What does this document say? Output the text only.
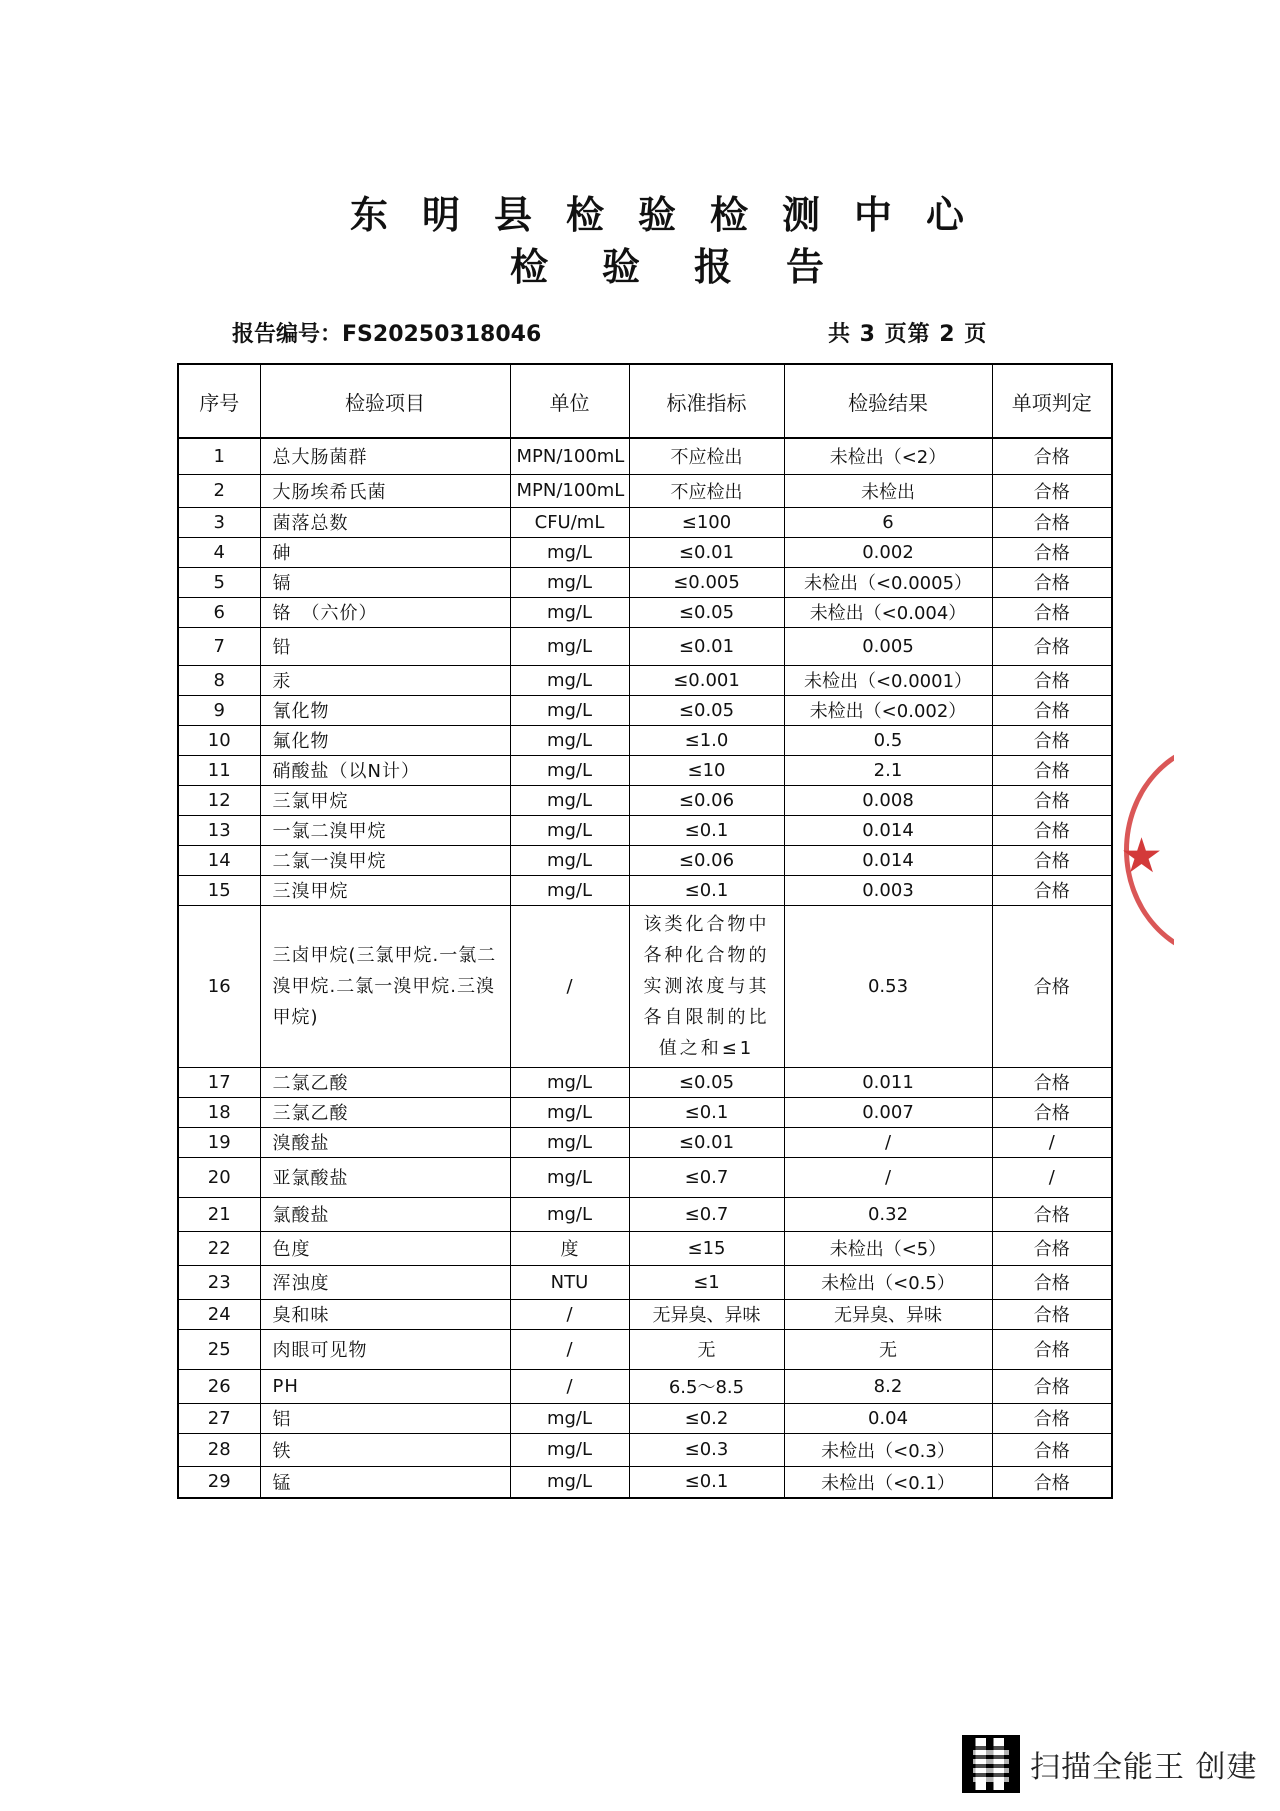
东明县检验检测中心
检验报告
报告编号：FS20250318046	共 3 页第 2 页
序号	检验项目	单位	标准指标	检验结果	单项判定
1	总大肠菌群	MPN/100mL	不应检出	未检出（<2）	合格
2	大肠埃希氏菌	MPN/100mL	不应检出	未检出	合格
3	菌落总数	CFU/mL	≤100	6	合格
4	砷	mg/L	≤0.01	0.002	合格
5	镉	mg/L	≤0.005	未检出（<0.0005）	合格
6	铬　（六价）	mg/L	≤0.05	未检出（<0.004）	合格
7	铅	mg/L	≤0.01	0.005	合格
8	汞	mg/L	≤0.001	未检出（<0.0001）	合格
9	氰化物	mg/L	≤0.05	未检出（<0.002）	合格
10	氟化物	mg/L	≤1.0	0.5	合格
11	硝酸盐（以N计）	mg/L	≤10	2.1	合格
12	三氯甲烷	mg/L	≤0.06	0.008	合格
13	一氯二溴甲烷	mg/L	≤0.1	0.014	合格
14	二氯一溴甲烷	mg/L	≤0.06	0.014	合格
15	三溴甲烷	mg/L	≤0.1	0.003	合格
16	三卤甲烷(三氯甲烷.一氯二溴甲烷.二氯一溴甲烷.三溴甲烷)	/	该类化合物中各种化合物的实测浓度与其各自限制的比值之和≤1	0.53	合格
17	二氯乙酸	mg/L	≤0.05	0.011	合格
18	三氯乙酸	mg/L	≤0.1	0.007	合格
19	溴酸盐	mg/L	≤0.01	/	/
20	亚氯酸盐	mg/L	≤0.7	/	/
21	氯酸盐	mg/L	≤0.7	0.32	合格
22	色度	度	≤15	未检出（<5）	合格
23	浑浊度	NTU	≤1	未检出（<0.5）	合格
24	臭和味	/	无异臭、异味	无异臭、异味	合格
25	肉眼可见物	/	无	无	合格
26	PH	/	6.5～8.5	8.2	合格
27	铝	mg/L	≤0.2	0.04	合格
28	铁	mg/L	≤0.3	未检出（<0.3）	合格
29	锰	mg/L	≤0.1	未检出（<0.1）	合格
★
扫描全能王 创建
